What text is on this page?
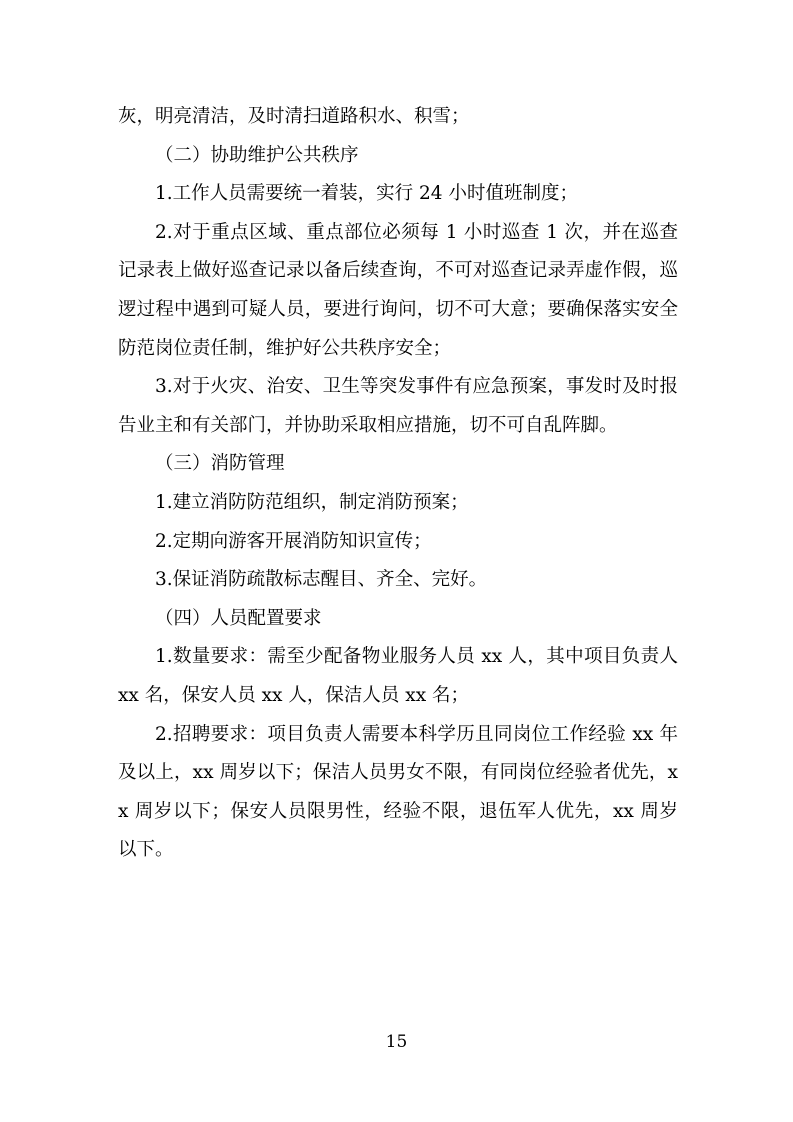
灰，明亮清洁，及时清扫道路积水、积雪；

（二）协助维护公共秩序

1.工作人员需要统一着装，实行 24 小时值班制度；

2.对于重点区域、重点部位必须每 1 小时巡查 1 次，并在巡查记录表上做好巡查记录以备后续查询，不可对巡查记录弄虚作假，巡逻过程中遇到可疑人员，要进行询问，切不可大意；要确保落实安全防范岗位责任制，维护好公共秩序安全；

3.对于火灾、治安、卫生等突发事件有应急预案，事发时及时报告业主和有关部门，并协助采取相应措施，切不可自乱阵脚。

（三）消防管理

1.建立消防防范组织，制定消防预案；

2.定期向游客开展消防知识宣传；

3.保证消防疏散标志醒目、齐全、完好。

（四）人员配置要求

1.数量要求：需至少配备物业服务人员 xx 人，其中项目负责人 xx 名，保安人员 xx 人，保洁人员 xx 名；

2.招聘要求：项目负责人需要本科学历且同岗位工作经验 xx 年及以上，xx 周岁以下；保洁人员男女不限，有同岗位经验者优先，xx 周岁以下；保安人员限男性，经验不限，退伍军人优先，xx 周岁以下。

15
